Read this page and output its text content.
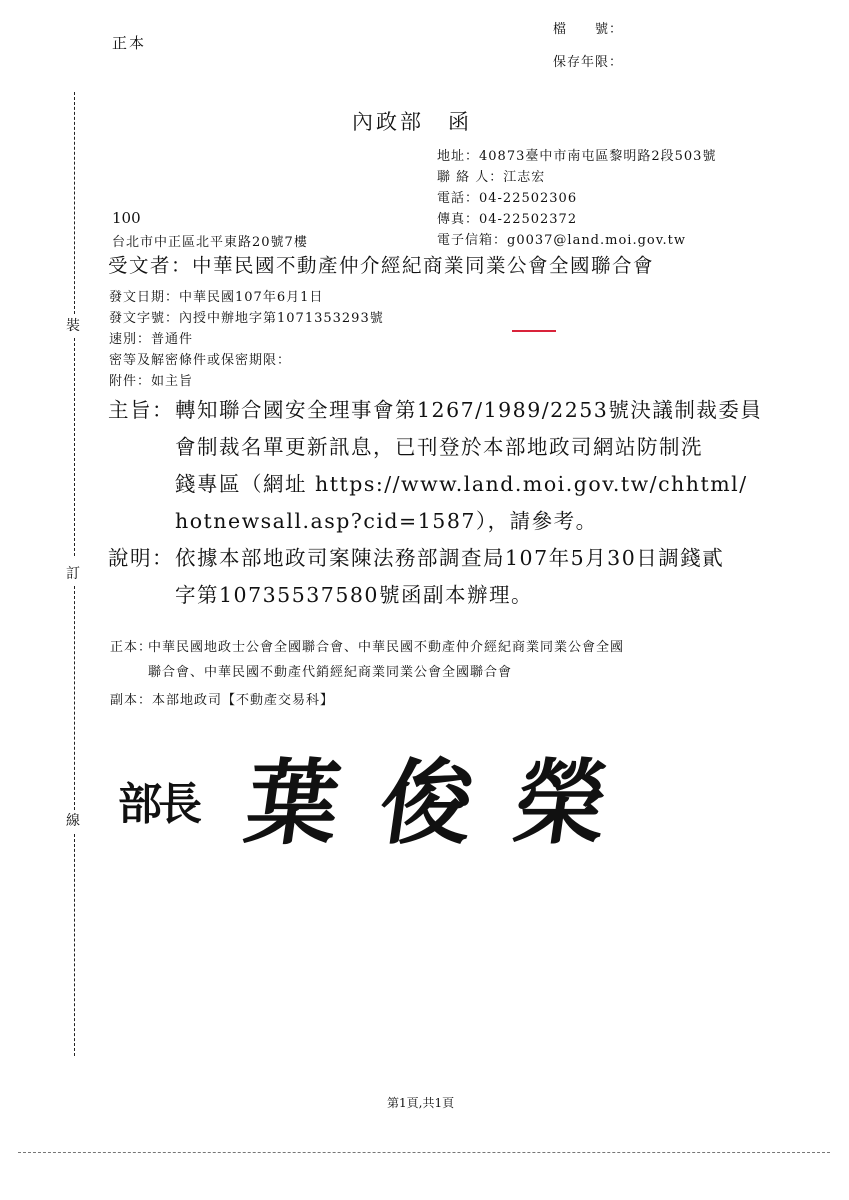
正本
檔　　號：
保存年限：
裝
訂
線
內政部　函
地址：40873臺中市南屯區黎明路2段503號
聯 絡 人：江志宏
電話：04-22502306
傳真：04-22502372
電子信箱：g0037@land.moi.gov.tw
100
台北市中正區北平東路20號7樓
受文者：中華民國不動產仲介經紀商業同業公會全國聯合會
發文日期：中華民國107年6月1日
發文字號：內授中辦地字第1071353293號
速別：普通件
密等及解密條件或保密期限：
附件：如主旨
主旨： 轉知聯合國安全理事會第1267/1989/2253號決議制裁委員
會制裁名單更新訊息，已刊登於本部地政司網站防制洗
錢專區（網址 https://www.land.moi.gov.tw/chhtml/
hotnewsall.asp?cid=1587），請參考。
說明： 依據本部地政司案陳法務部調查局107年5月30日調錢貳
字第10735537580號函副本辦理。
正本：
中華民國地政士公會全國聯合會、中華民國不動產仲介經紀商業同業公會全國
聯合會、中華民國不動產代銷經紀商業同業公會全國聯合會
副本：本部地政司【不動產交易科】
部長 葉俊榮
第1頁,共1頁
